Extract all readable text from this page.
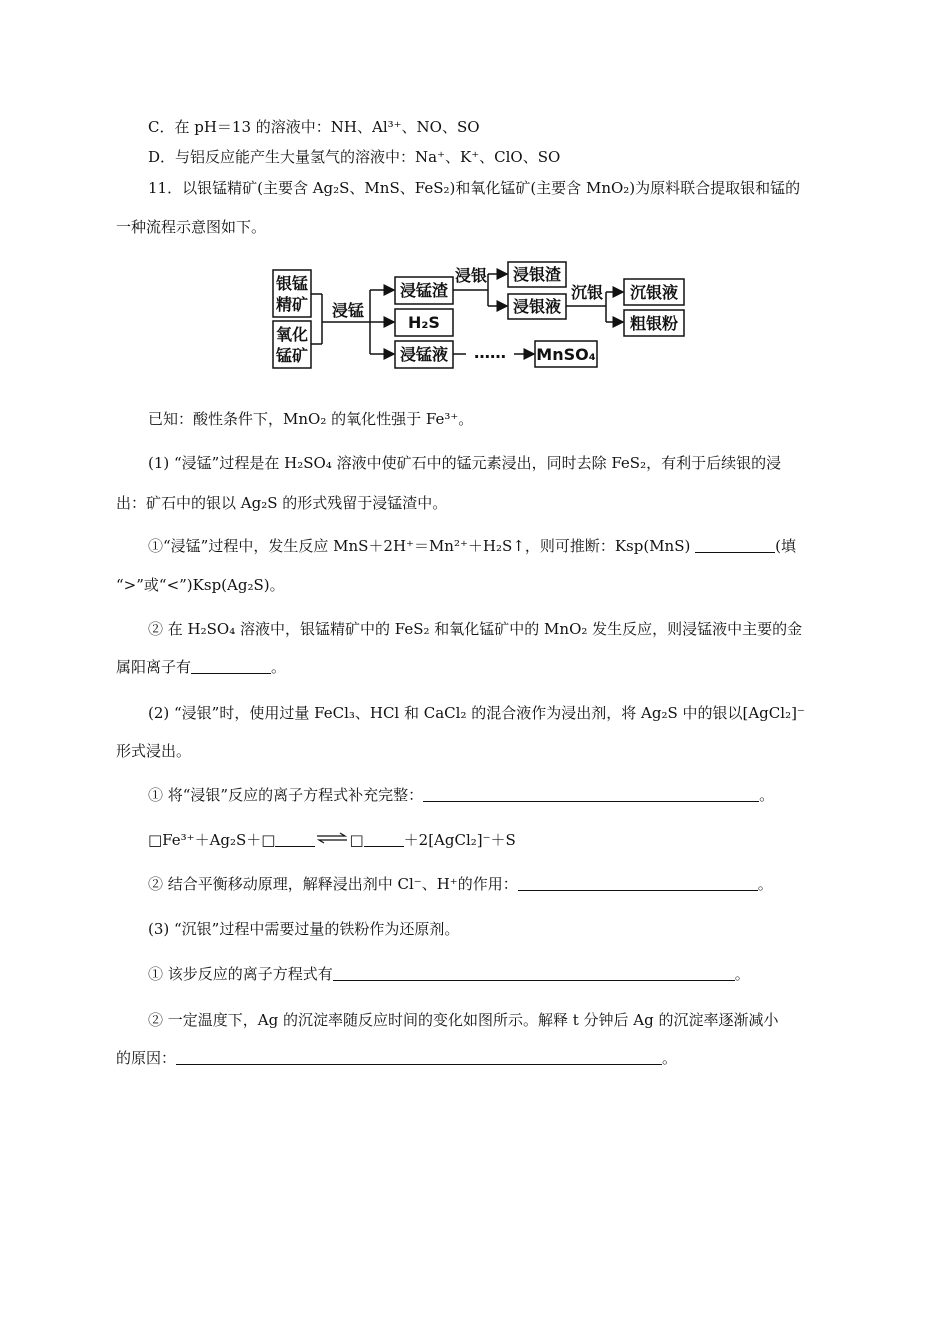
C．在 pH＝13 的溶液中：NH、Al³⁺、NO、SO
D．与铝反应能产生大量氢气的溶液中：Na⁺、K⁺、ClO、SO
11．以银锰精矿(主要含 Ag₂S、MnS、FeS₂)和氧化锰矿(主要含 MnO₂)为原料联合提取银和锰的
一种流程示意图如下。
银锰
精矿
氧化
锰矿
浸锰
浸锰渣
H₂S
浸锰液
浸银 浸银渣
浸银液
沉银 沉银液
粗银粉
…… MnSO₄
已知：酸性条件下，MnO₂ 的氧化性强于 Fe³⁺。
(1) “浸锰”过程是在 H₂SO₄ 溶液中使矿石中的锰元素浸出，同时去除 FeS₂，有利于后续银的浸
出：矿石中的银以 Ag₂S 的形式残留于浸锰渣中。
①“浸锰”过程中，发生反应 MnS＋2H⁺＝Mn²⁺＋H₂S↑，则可推断：Ksp(MnS)	(填
“>”或“<”)Ksp(Ag₂S)。
② 在 H₂SO₄ 溶液中，银锰精矿中的 FeS₂ 和氧化锰矿中的 MnO₂ 发生反应，则浸锰液中主要的金
属阳离子有	。
(2) “浸银”时，使用过量 FeCl₃、HCl 和 CaCl₂ 的混合液作为浸出剂，将 Ag₂S 中的银以[AgCl₂]⁻
形式浸出。
① 将“浸银”反应的离子方程式补充完整：	。
□Fe³⁺＋Ag₂S＋□	⇌□	＋2[AgCl₂]⁻＋S
② 结合平衡移动原理，解释浸出剂中 Cl⁻、H⁺的作用：	。
(3) “沉银”过程中需要过量的铁粉作为还原剂。
① 该步反应的离子方程式有	。
② 一定温度下，Ag 的沉淀率随反应时间的变化如图所示。解释 t 分钟后 Ag 的沉淀率逐渐减小
的原因：	。
